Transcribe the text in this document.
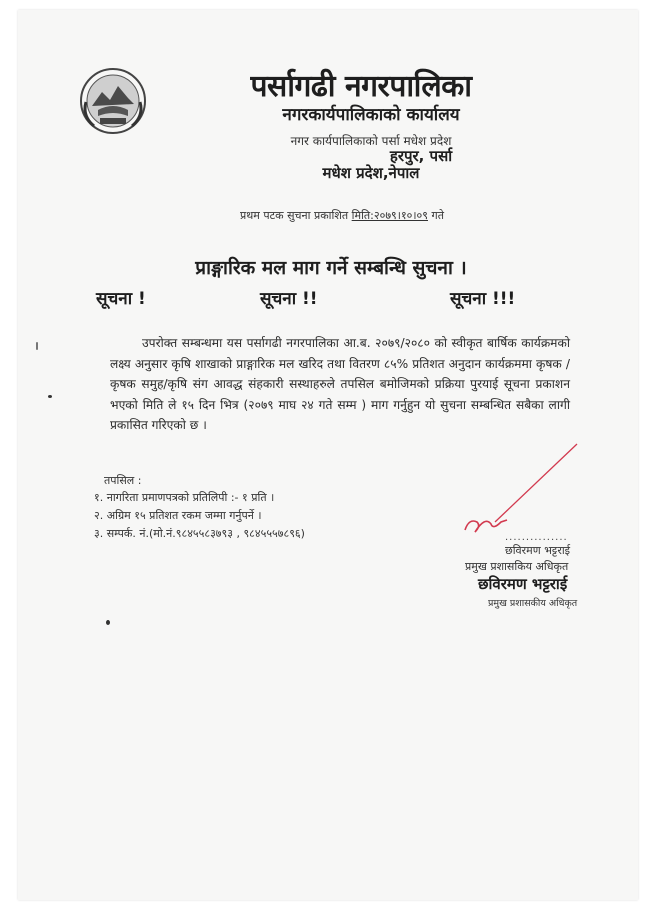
पर्सागढी नगरपालिका
नगरकार्यपालिकाको कार्यालय
नगर कार्यपालिकाको पर्सा मधेश प्रदेश
हरपुर, पर्सा
मधेश प्रदेश,नेपाल
प्रथम पटक सुचना प्रकाशित मिति:२०७९।१०।०९ गते
प्राङ्गारिक मल माग गर्ने सम्बन्धि सुचना ।
सूचना !	सूचना !!	सूचना !!!
उपरोक्त सम्बन्धमा यस पर्सागढी नगरपालिका आ.ब. २०७९/२०८० को स्वीकृत बार्षिक कार्यक्रमको लक्ष्य अनुसार कृषि शाखाको प्राङ्गारिक मल खरिद तथा वितरण ८५% प्रतिशत अनुदान कार्यक्रममा कृषक /कृषक समुह/कृषि संग आवद्ध संहकारी सस्थाहरुले तपसिल बमोजिमको प्रक्रिया पुरयाई सूचना प्रकाशन भएको मिति ले १५ दिन भित्र (२०७९ माघ २४ गते सम्म ) माग गर्नुहुन यो सुचना सम्बन्धित सबैका लागी प्रकासित गरिएको छ ।
तपसिल :
१. नागरिता प्रमाणपत्रको प्रतिलिपी :- १ प्रति ।
२. अग्रिम १५ प्रतिशत रकम जम्मा गर्नुपर्ने ।
३. सम्पर्क. नं.(मो.नं.९८४५५८३७९३ , ९८४५५५७८९६)	...............
छविरमण भट्टराई
प्रमुख प्रशासकिय अधिकृत
छविरमण भट्टराई
प्रमुख प्रशासकीय अधिकृत
